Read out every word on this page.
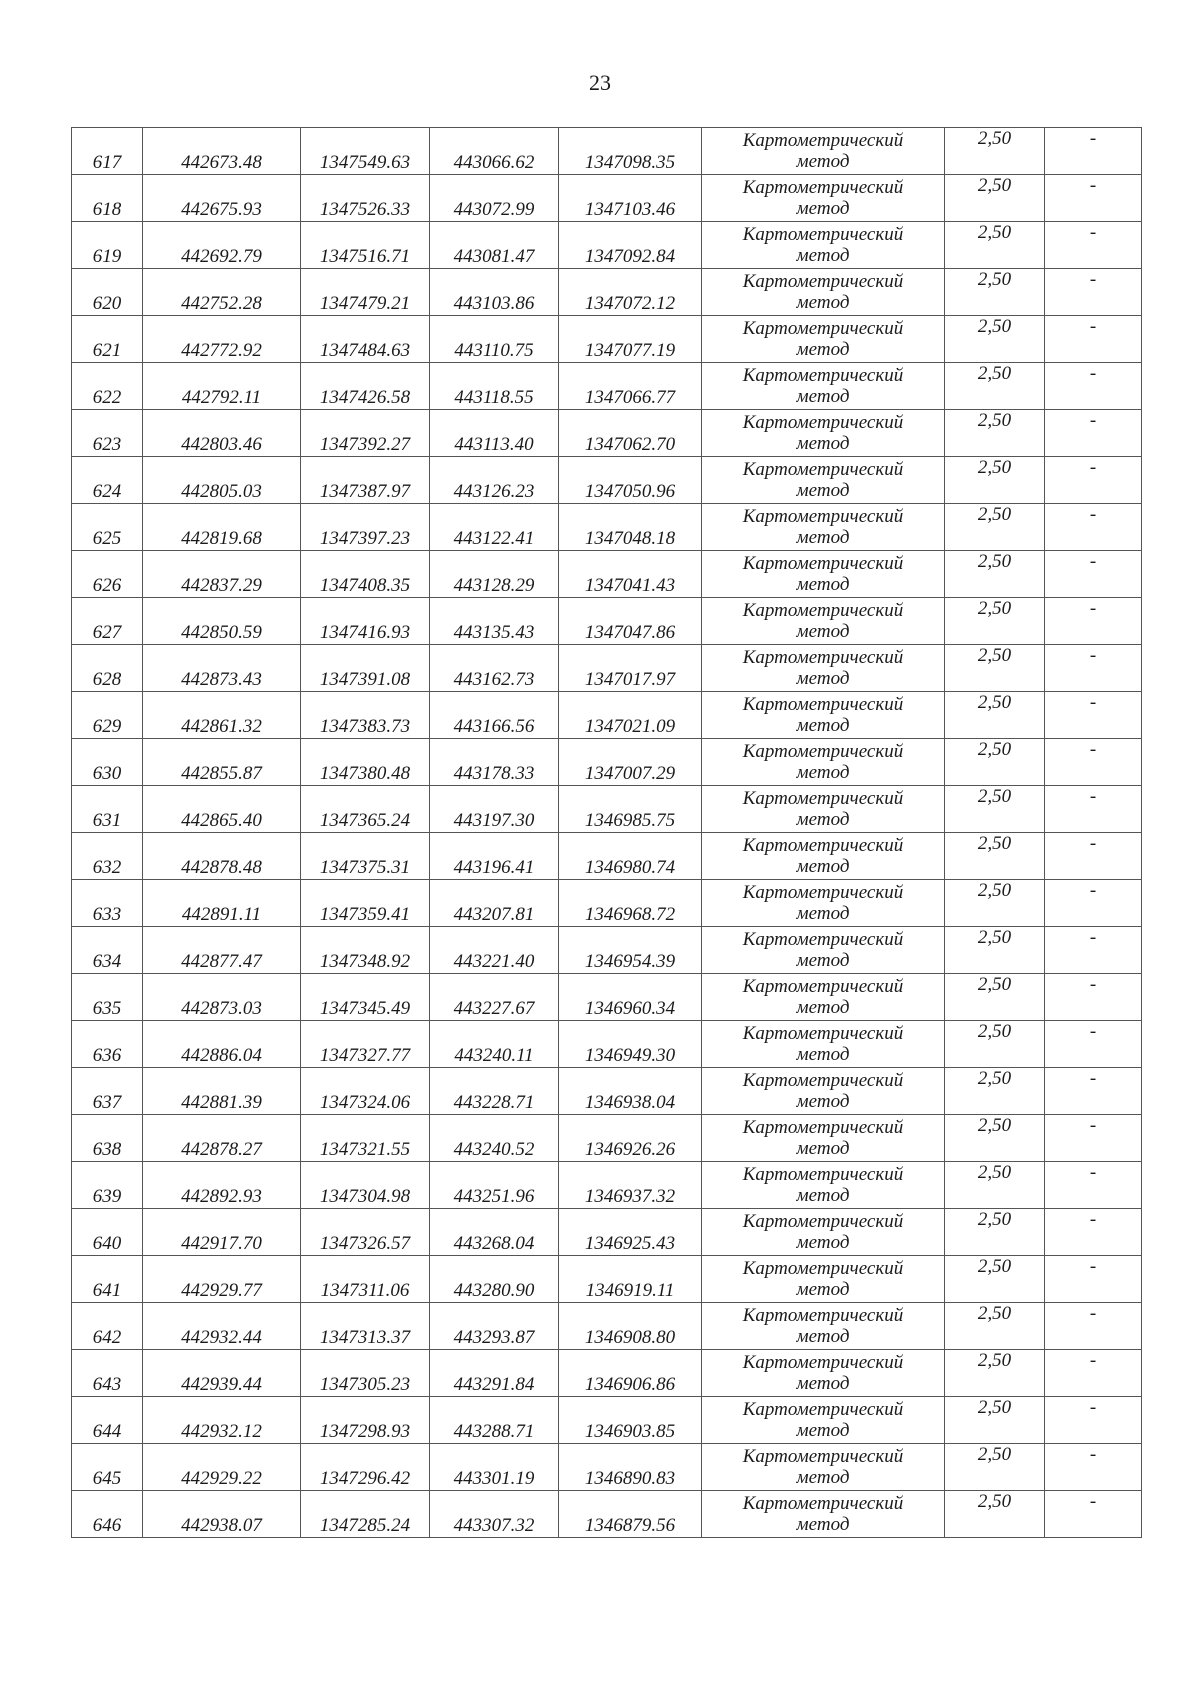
23
617	442673.48	1347549.63	443066.62	1347098.35	Картометрический
метод	2,50	-
618	442675.93	1347526.33	443072.99	1347103.46	Картометрический
метод	2,50	-
619	442692.79	1347516.71	443081.47	1347092.84	Картометрический
метод	2,50	-
620	442752.28	1347479.21	443103.86	1347072.12	Картометрический
метод	2,50	-
621	442772.92	1347484.63	443110.75	1347077.19	Картометрический
метод	2,50	-
622	442792.11	1347426.58	443118.55	1347066.77	Картометрический
метод	2,50	-
623	442803.46	1347392.27	443113.40	1347062.70	Картометрический
метод	2,50	-
624	442805.03	1347387.97	443126.23	1347050.96	Картометрический
метод	2,50	-
625	442819.68	1347397.23	443122.41	1347048.18	Картометрический
метод	2,50	-
626	442837.29	1347408.35	443128.29	1347041.43	Картометрический
метод	2,50	-
627	442850.59	1347416.93	443135.43	1347047.86	Картометрический
метод	2,50	-
628	442873.43	1347391.08	443162.73	1347017.97	Картометрический
метод	2,50	-
629	442861.32	1347383.73	443166.56	1347021.09	Картометрический
метод	2,50	-
630	442855.87	1347380.48	443178.33	1347007.29	Картометрический
метод	2,50	-
631	442865.40	1347365.24	443197.30	1346985.75	Картометрический
метод	2,50	-
632	442878.48	1347375.31	443196.41	1346980.74	Картометрический
метод	2,50	-
633	442891.11	1347359.41	443207.81	1346968.72	Картометрический
метод	2,50	-
634	442877.47	1347348.92	443221.40	1346954.39	Картометрический
метод	2,50	-
635	442873.03	1347345.49	443227.67	1346960.34	Картометрический
метод	2,50	-
636	442886.04	1347327.77	443240.11	1346949.30	Картометрический
метод	2,50	-
637	442881.39	1347324.06	443228.71	1346938.04	Картометрический
метод	2,50	-
638	442878.27	1347321.55	443240.52	1346926.26	Картометрический
метод	2,50	-
639	442892.93	1347304.98	443251.96	1346937.32	Картометрический
метод	2,50	-
640	442917.70	1347326.57	443268.04	1346925.43	Картометрический
метод	2,50	-
641	442929.77	1347311.06	443280.90	1346919.11	Картометрический
метод	2,50	-
642	442932.44	1347313.37	443293.87	1346908.80	Картометрический
метод	2,50	-
643	442939.44	1347305.23	443291.84	1346906.86	Картометрический
метод	2,50	-
644	442932.12	1347298.93	443288.71	1346903.85	Картометрический
метод	2,50	-
645	442929.22	1347296.42	443301.19	1346890.83	Картометрический
метод	2,50	-
646	442938.07	1347285.24	443307.32	1346879.56	Картометрический
метод	2,50	-
